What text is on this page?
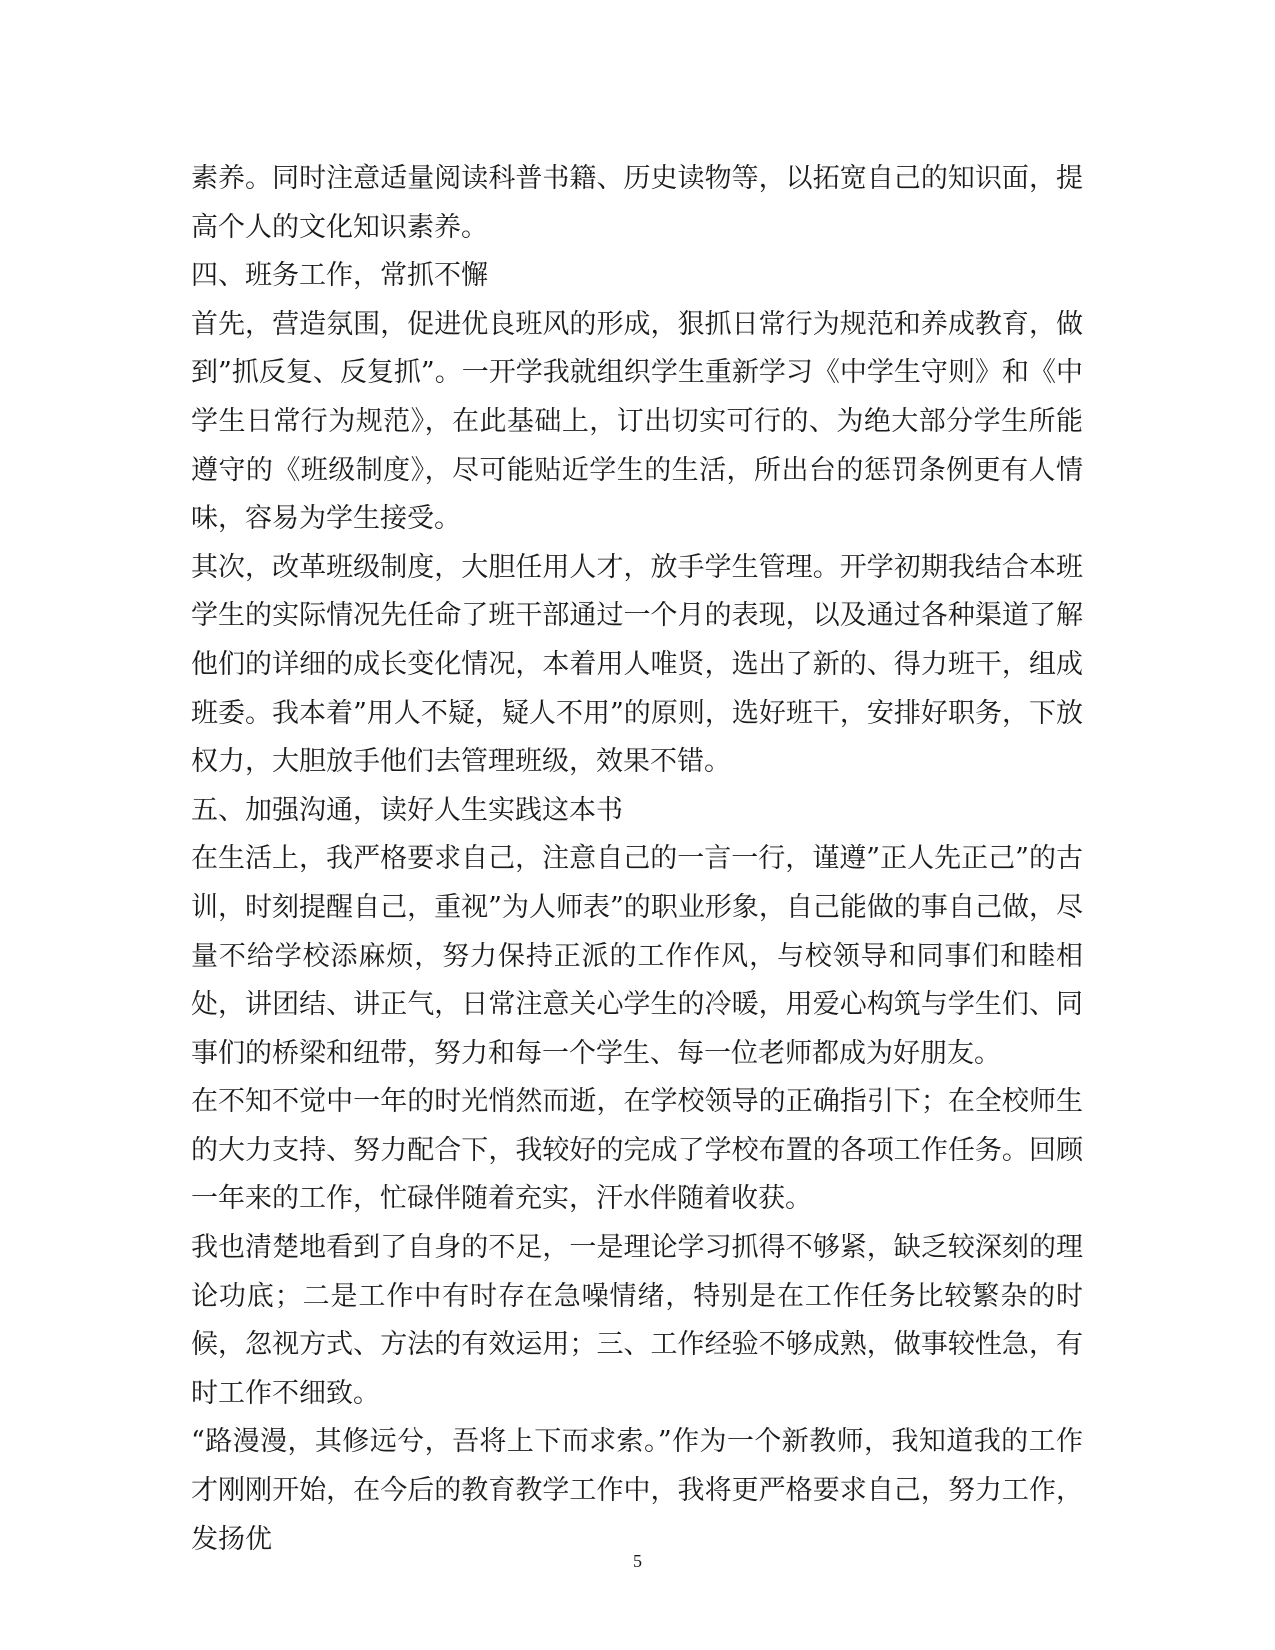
素养。同时注意适量阅读科普书籍、历史读物等，以拓宽自己的知识面，提高个人的文化知识素养。

四、班务工作，常抓不懈

首先，营造氛围，促进优良班风的形成，狠抓日常行为规范和养成教育，做到”抓反复、反复抓”。一开学我就组织学生重新学习《中学生守则》和《中学生日常行为规范》，在此基础上，订出切实可行的、为绝大部分学生所能遵守的《班级制度》，尽可能贴近学生的生活，所出台的惩罚条例更有人情味，容易为学生接受。

其次，改革班级制度，大胆任用人才，放手学生管理。开学初期我结合本班学生的实际情况先任命了班干部通过一个月的表现，以及通过各种渠道了解他们的详细的成长变化情况，本着用人唯贤，选出了新的、得力班干，组成班委。我本着”用人不疑，疑人不用”的原则，选好班干，安排好职务，下放权力，大胆放手他们去管理班级，效果不错。

五、加强沟通，读好人生实践这本书

在生活上，我严格要求自己，注意自己的一言一行，谨遵”正人先正己”的古训，时刻提醒自己，重视”为人师表”的职业形象，自己能做的事自己做，尽量不给学校添麻烦，努力保持正派的工作作风，与校领导和同事们和睦相处，讲团结、讲正气，日常注意关心学生的冷暖，用爱心构筑与学生们、同事们的桥梁和纽带，努力和每一个学生、每一位老师都成为好朋友。

在不知不觉中一年的时光悄然而逝，在学校领导的正确指引下；在全校师生的大力支持、努力配合下，我较好的完成了学校布置的各项工作任务。回顾一年来的工作，忙碌伴随着充实，汗水伴随着收获。

我也清楚地看到了自身的不足，一是理论学习抓得不够紧，缺乏较深刻的理论功底；二是工作中有时存在急噪情绪，特别是在工作任务比较繁杂的时候，忽视方式、方法的有效运用；三、工作经验不够成熟，做事较性急，有时工作不细致。

“路漫漫，其修远兮，吾将上下而求索。”作为一个新教师，我知道我的工作才刚刚开始，在今后的教育教学工作中，我将更严格要求自己，努力工作，发扬优

5
